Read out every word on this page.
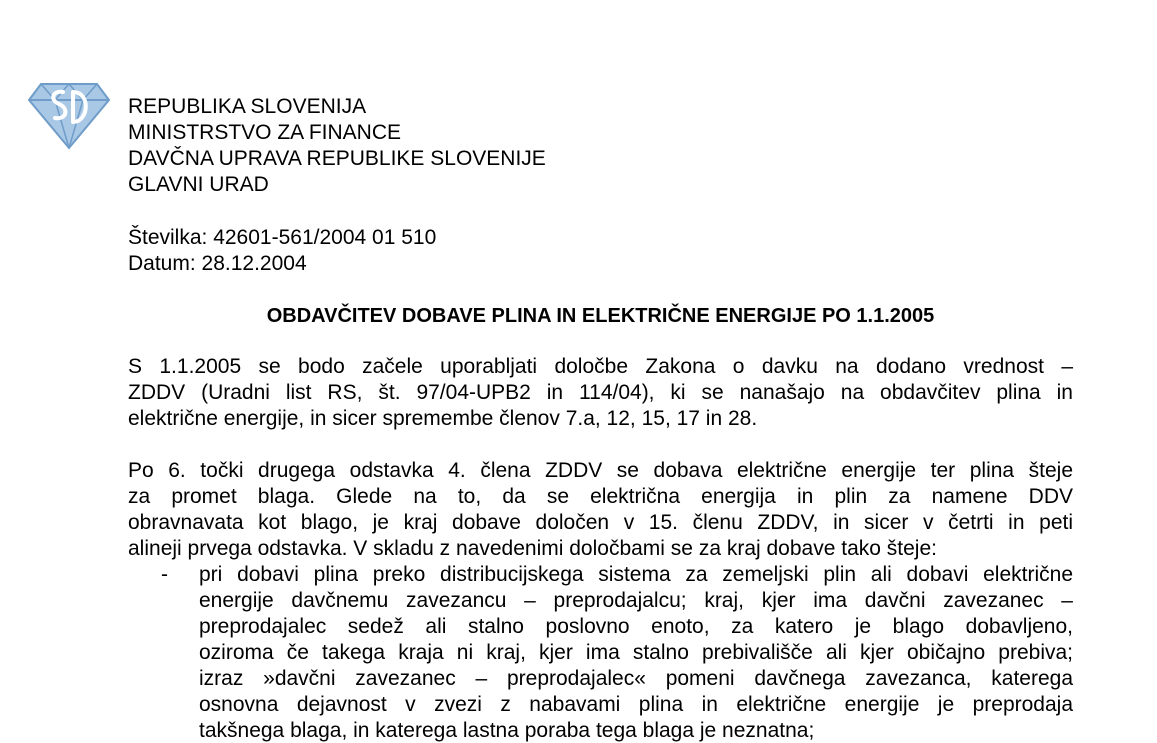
REPUBLIKA SLOVENIJA
MINISTRSTVO ZA FINANCE
DAVČNA UPRAVA REPUBLIKE SLOVENIJE
GLAVNI URAD
Številka: 42601-561/2004 01 510
Datum: 28.12.2004
OBDAVČITEV DOBAVE PLINA IN ELEKTRIČNE ENERGIJE PO 1.1.2005
S 1.1.2005 se bodo začele uporabljati določbe Zakona o davku na dodano vrednost –
ZDDV (Uradni list RS, št. 97/04-UPB2 in 114/04), ki se nanašajo na obdavčitev plina in
električne energije, in sicer spremembe členov 7.a, 12, 15, 17 in 28.
Po 6. točki drugega odstavka 4. člena ZDDV se dobava električne energije ter plina šteje
za promet blaga. Glede na to, da se električna energija in plin za namene DDV
obravnavata kot blago, je kraj dobave določen v 15. členu ZDDV, in sicer v četrti in peti
alineji prvega odstavka. V skladu z navedenimi določbami se za kraj dobave tako šteje:
- pri dobavi plina preko distribucijskega sistema za zemeljski plin ali dobavi električne
energije davčnemu zavezancu – preprodajalcu; kraj, kjer ima davčni zavezanec –
preprodajalec sedež ali stalno poslovno enoto, za katero je blago dobavljeno,
oziroma če takega kraja ni kraj, kjer ima stalno prebivališče ali kjer običajno prebiva;
izraz »davčni zavezanec – preprodajalec« pomeni davčnega zavezanca, katerega
osnovna dejavnost v zvezi z nabavami plina in električne energije je preprodaja
takšnega blaga, in katerega lastna poraba tega blaga je neznatna;
